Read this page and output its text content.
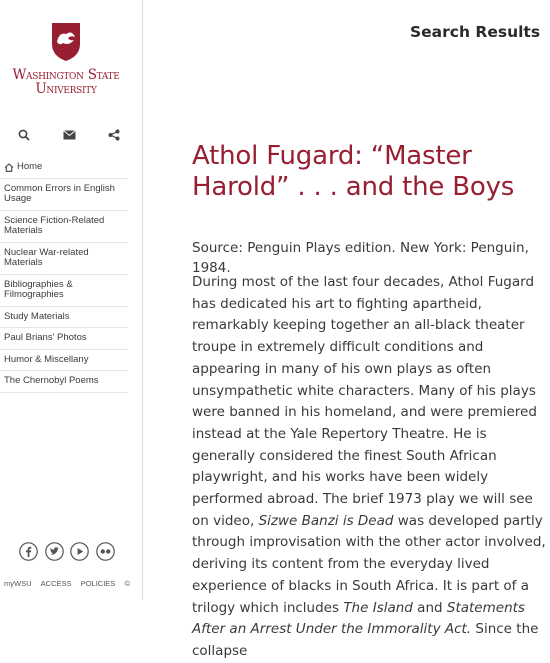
Washington State
University
Home
Common Errors in English Usage
Science Fiction-Related Materials
Nuclear War-related Materials
Bibliographies & Filmographies
Study Materials
Paul Brians' Photos
Humor & Miscellany
The Chernobyl Poems
myWSU ACCESS POLICIES ©
Search Results
Athol Fugard: “Master Harold” . . . and the Boys

Source: Penguin Plays edition. New York: Penguin, 1984.

During most of the last four decades, Athol Fugard has dedicated his art to fighting apartheid, remarkably keeping together an all-black theater troupe in extremely difficult conditions and appearing in many of his own plays as often unsympathetic white characters. Many of his plays were banned in his homeland, and were premiered instead at the Yale Repertory Theatre. He is generally considered the finest South African playwright, and his works have been widely performed abroad. The brief 1973 play we will see on video, Sizwe Banzi is Dead was developed partly through improvisation with the other actor involved, deriving its content from the everyday lived experience of blacks in South Africa. It is part of a trilogy which includes The Island and Statements After an Arrest Under the Immorality Act. Since the collapse
